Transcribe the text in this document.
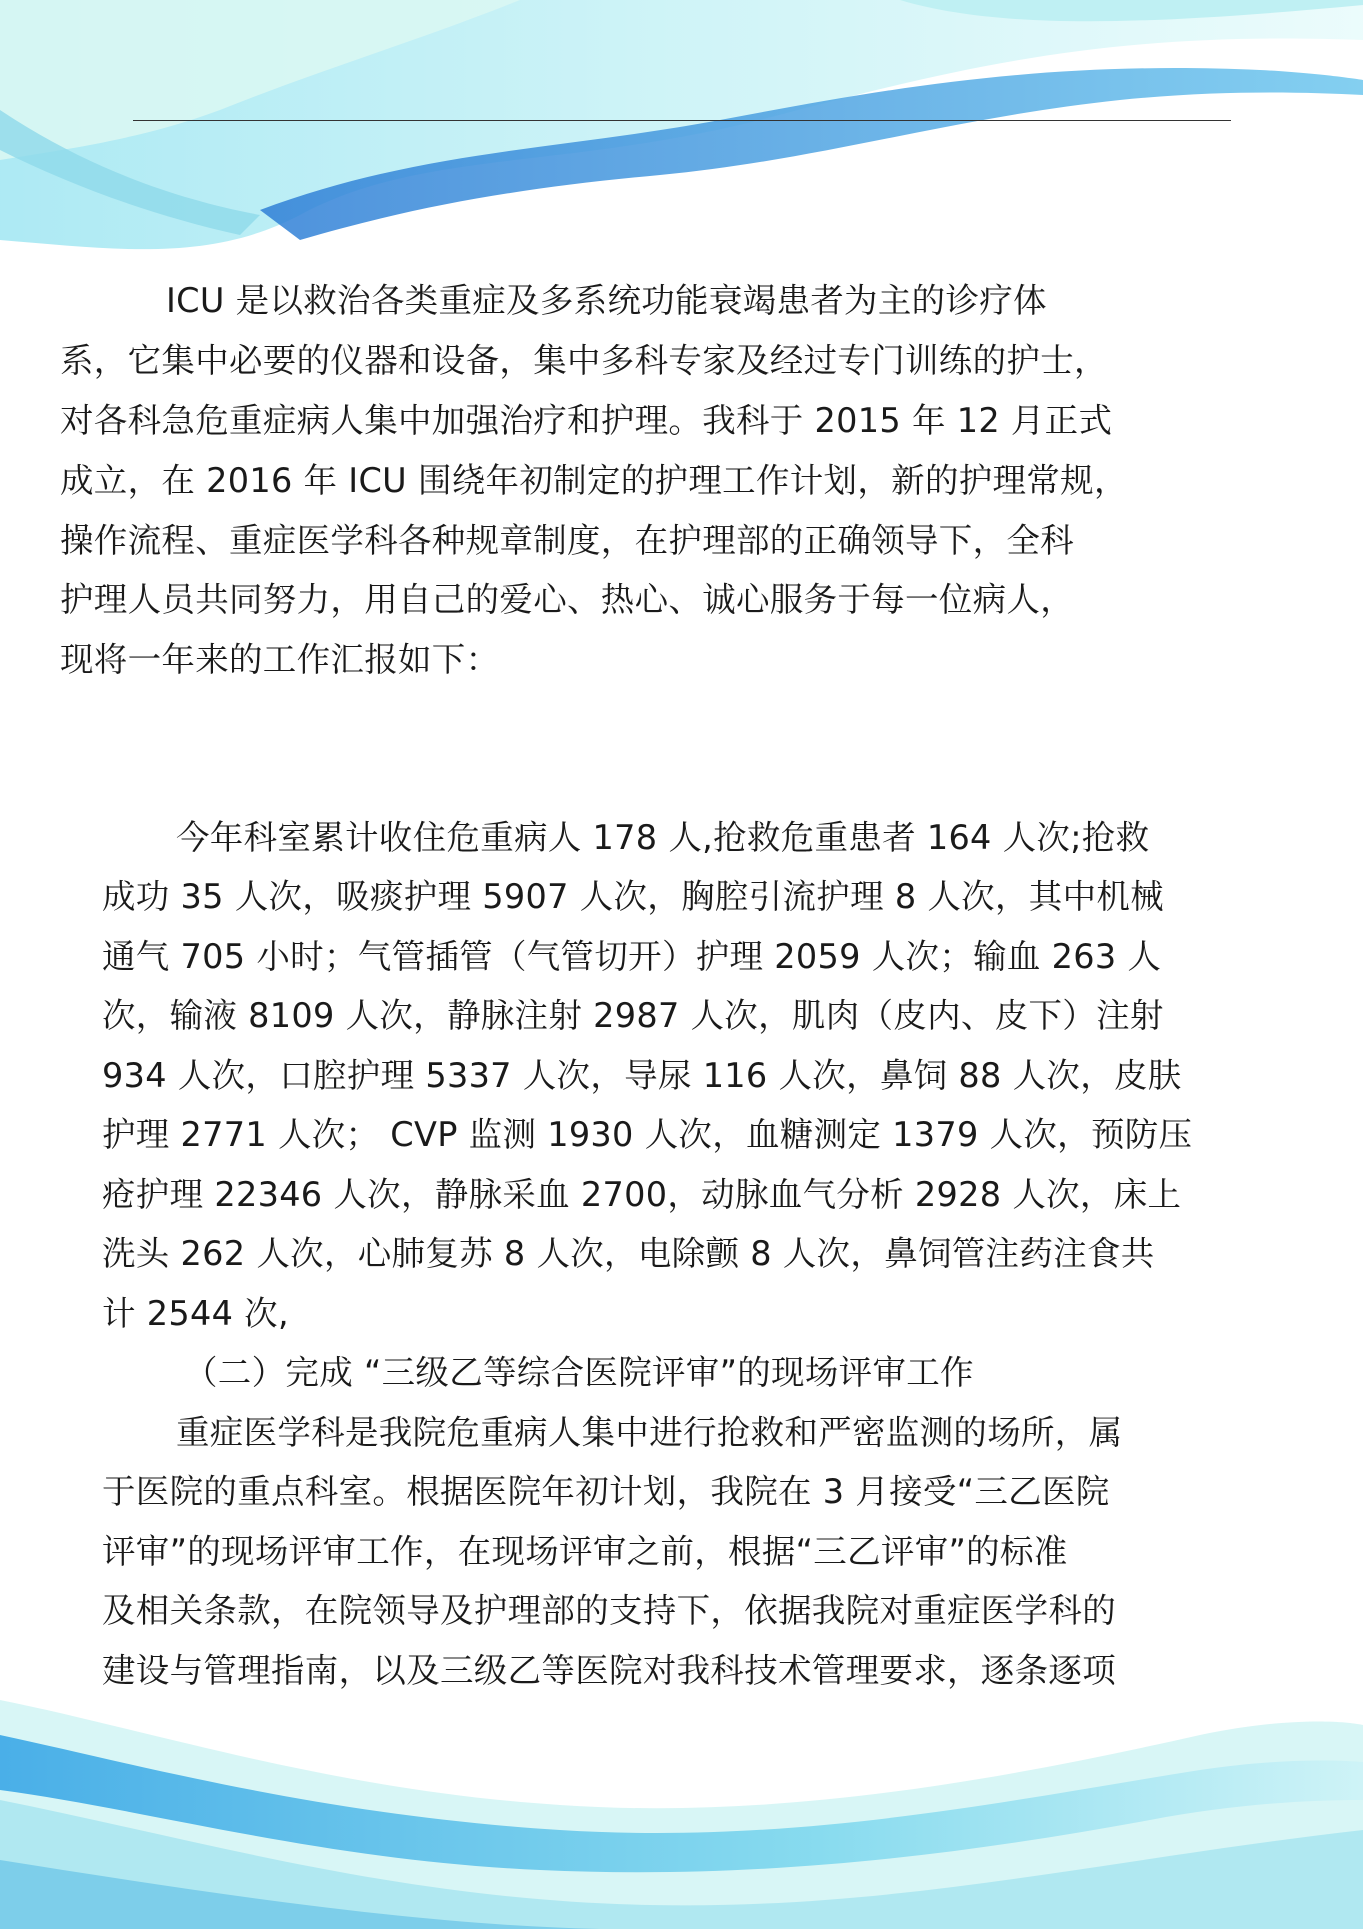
ICU 是以救治各类重症及多系统功能衰竭患者为主的诊疗体
系，它集中必要的仪器和设备，集中多科专家及经过专门训练的护士，
对各科急危重症病人集中加强治疗和护理。我科于 2015 年 12 月正式
成立，在 2016 年 ICU 围绕年初制定的护理工作计划，新的护理常规，
操作流程、重症医学科各种规章制度，在护理部的正确领导下，全科
护理人员共同努力，用自己的爱心、热心、诚心服务于每一位病人，
现将一年来的工作汇报如下：
今年科室累计收住危重病人 178 人,抢救危重患者 164 人次;抢救
成功 35 人次，吸痰护理 5907 人次，胸腔引流护理 8 人次，其中机械
通气 705 小时；气管插管（气管切开）护理 2059 人次；输血 263 人
次，输液 8109 人次，静脉注射 2987 人次，肌肉（皮内、皮下）注射
934 人次，口腔护理 5337 人次，导尿 116 人次，鼻饲 88 人次，皮肤
护理 2771 人次； CVP 监测 1930 人次，血糖测定 1379 人次，预防压
疮护理 22346 人次，静脉采血 2700，动脉血气分析 2928 人次，床上
洗头 262 人次，心肺复苏 8 人次，电除颤 8 人次，鼻饲管注药注食共
计 2544 次,
（二）完成 “三级乙等综合医院评审”的现场评审工作
重症医学科是我院危重病人集中进行抢救和严密监测的场所，属
于医院的重点科室。根据医院年初计划，我院在 3 月接受“三乙医院
评审”的现场评审工作，在现场评审之前，根据“三乙评审”的标准
及相关条款，在院领导及护理部的支持下，依据我院对重症医学科的
建设与管理指南，以及三级乙等医院对我科技术管理要求，逐条逐项
